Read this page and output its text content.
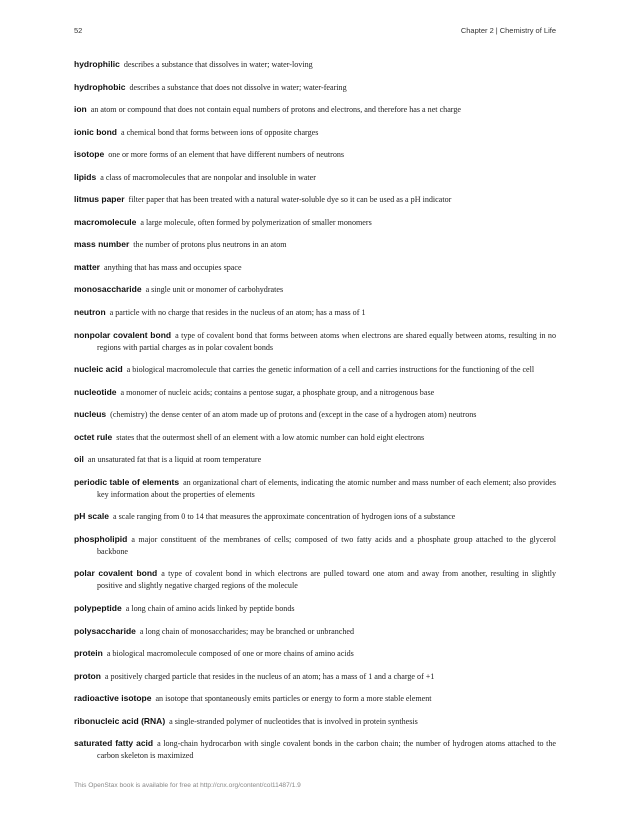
52	Chapter 2 | Chemistry of Life
hydrophilic describes a substance that dissolves in water; water-loving
hydrophobic describes a substance that does not dissolve in water; water-fearing
ion an atom or compound that does not contain equal numbers of protons and electrons, and therefore has a net charge
ionic bond a chemical bond that forms between ions of opposite charges
isotope one or more forms of an element that have different numbers of neutrons
lipids a class of macromolecules that are nonpolar and insoluble in water
litmus paper filter paper that has been treated with a natural water-soluble dye so it can be used as a pH indicator
macromolecule a large molecule, often formed by polymerization of smaller monomers
mass number the number of protons plus neutrons in an atom
matter anything that has mass and occupies space
monosaccharide a single unit or monomer of carbohydrates
neutron a particle with no charge that resides in the nucleus of an atom; has a mass of 1
nonpolar covalent bond a type of covalent bond that forms between atoms when electrons are shared equally between atoms, resulting in no regions with partial charges as in polar covalent bonds
nucleic acid a biological macromolecule that carries the genetic information of a cell and carries instructions for the functioning of the cell
nucleotide a monomer of nucleic acids; contains a pentose sugar, a phosphate group, and a nitrogenous base
nucleus (chemistry) the dense center of an atom made up of protons and (except in the case of a hydrogen atom) neutrons
octet rule states that the outermost shell of an element with a low atomic number can hold eight electrons
oil an unsaturated fat that is a liquid at room temperature
periodic table of elements an organizational chart of elements, indicating the atomic number and mass number of each element; also provides key information about the properties of elements
pH scale a scale ranging from 0 to 14 that measures the approximate concentration of hydrogen ions of a substance
phospholipid a major constituent of the membranes of cells; composed of two fatty acids and a phosphate group attached to the glycerol backbone
polar covalent bond a type of covalent bond in which electrons are pulled toward one atom and away from another, resulting in slightly positive and slightly negative charged regions of the molecule
polypeptide a long chain of amino acids linked by peptide bonds
polysaccharide a long chain of monosaccharides; may be branched or unbranched
protein a biological macromolecule composed of one or more chains of amino acids
proton a positively charged particle that resides in the nucleus of an atom; has a mass of 1 and a charge of +1
radioactive isotope an isotope that spontaneously emits particles or energy to form a more stable element
ribonucleic acid (RNA) a single-stranded polymer of nucleotides that is involved in protein synthesis
saturated fatty acid a long-chain hydrocarbon with single covalent bonds in the carbon chain; the number of hydrogen atoms attached to the carbon skeleton is maximized
This OpenStax book is available for free at http://cnx.org/content/col11487/1.9
